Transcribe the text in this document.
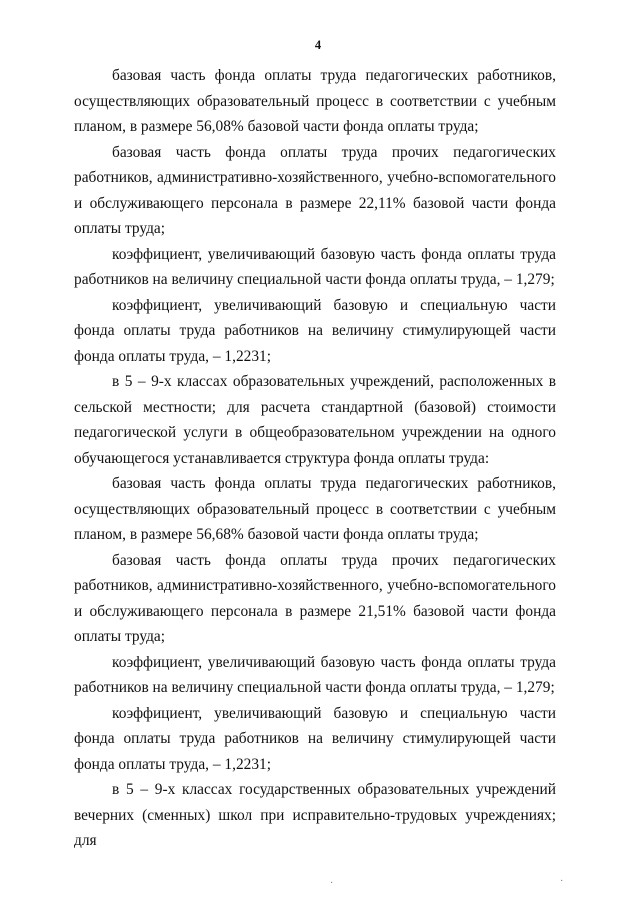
4

базовая часть фонда оплаты труда педагогических работников, осуществляющих образовательный процесс в соответствии с учебным планом, в размере 56,08% базовой части фонда оплаты труда;

базовая часть фонда оплаты труда прочих педагогических работников, административно-хозяйственного, учебно-вспомогательного и обслуживающего персонала в размере 22,11% базовой части фонда оплаты труда;

коэффициент, увеличивающий базовую часть фонда оплаты труда работников на величину специальной части фонда оплаты труда, – 1,279;

коэффициент, увеличивающий базовую и специальную части фонда оплаты труда работников на величину стимулирующей части фонда оплаты труда, – 1,2231;

в 5 – 9-х классах образовательных учреждений, расположенных в сельской местности; для расчета стандартной (базовой) стоимости педагогической услуги в общеобразовательном учреждении на одного обучающегося устанавливается структура фонда оплаты труда:

базовая часть фонда оплаты труда педагогических работников, осуществляющих образовательный процесс в соответствии с учебным планом, в размере 56,68% базовой части фонда оплаты труда;

базовая часть фонда оплаты труда прочих педагогических работников, административно-хозяйственного, учебно-вспомогательного и обслуживающего персонала в размере 21,51% базовой части фонда оплаты труда;

коэффициент, увеличивающий базовую часть фонда оплаты труда работников на величину специальной части фонда оплаты труда, – 1,279;

коэффициент, увеличивающий базовую и специальную части фонда оплаты труда работников на величину стимулирующей части фонда оплаты труда, – 1,2231;

в 5 – 9-х классах государственных образовательных учреждений вечерних (сменных) школ при исправительно-трудовых учреждениях; для

·	·
